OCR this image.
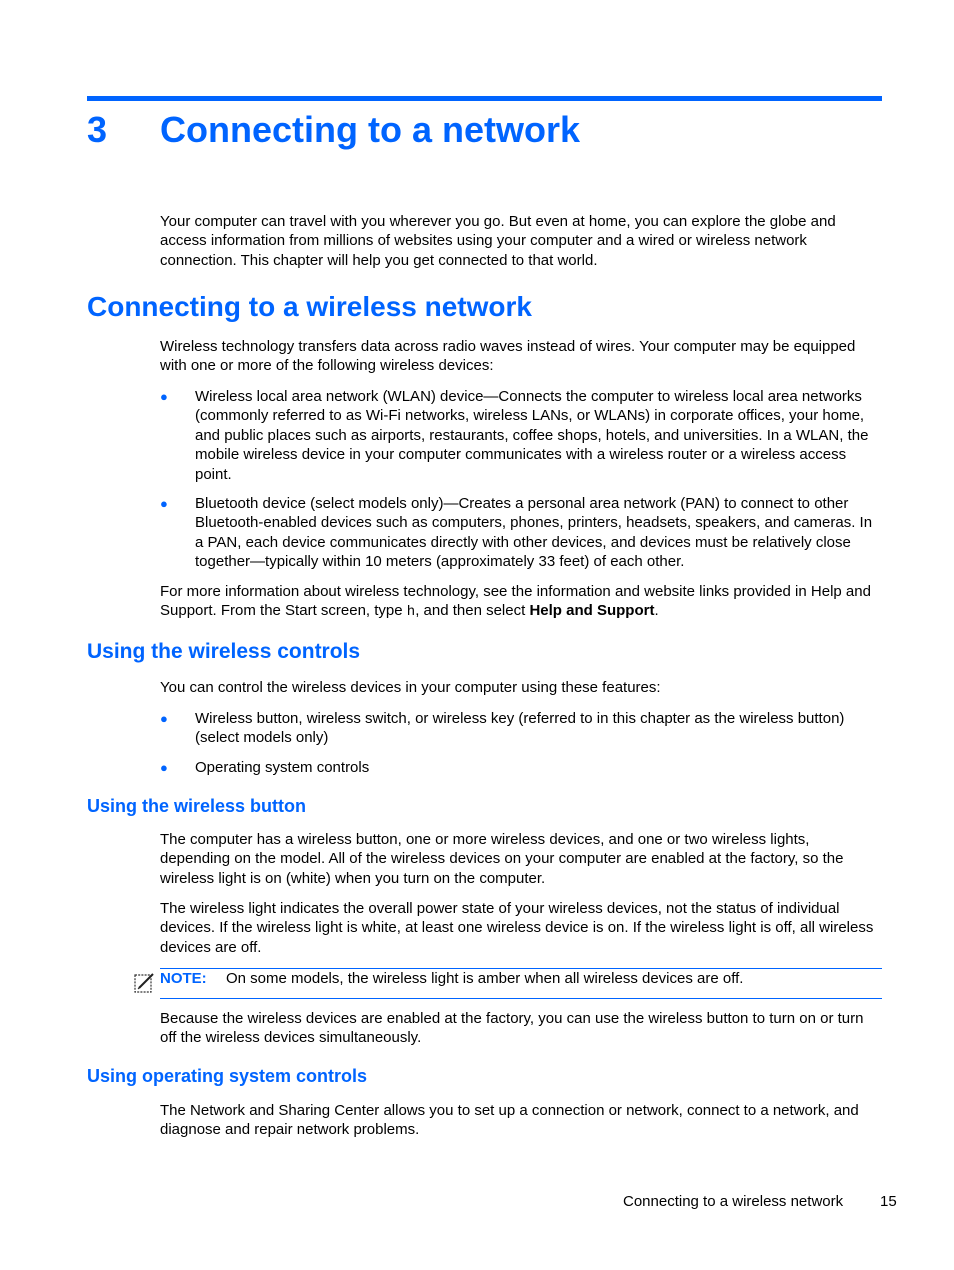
3 Connecting to a network

Your computer can travel with you wherever you go. But even at home, you can explore the globe and access information from millions of websites using your computer and a wired or wireless network connection. This chapter will help you get connected to that world.

Connecting to a wireless network

Wireless technology transfers data across radio waves instead of wires. Your computer may be equipped with one or more of the following wireless devices:

● Wireless local area network (WLAN) device—Connects the computer to wireless local area networks (commonly referred to as Wi-Fi networks, wireless LANs, or WLANs) in corporate offices, your home, and public places such as airports, restaurants, coffee shops, hotels, and universities. In a WLAN, the mobile wireless device in your computer communicates with a wireless router or a wireless access point.
● Bluetooth device (select models only)—Creates a personal area network (PAN) to connect to other Bluetooth-enabled devices such as computers, phones, printers, headsets, speakers, and cameras. In a PAN, each device communicates directly with other devices, and devices must be relatively close together—typically within 10 meters (approximately 33 feet) of each other.

For more information about wireless technology, see the information and website links provided in Help and Support. From the Start screen, type h, and then select Help and Support.

Using the wireless controls

You can control the wireless devices in your computer using these features:

● Wireless button, wireless switch, or wireless key (referred to in this chapter as the wireless button) (select models only)
● Operating system controls
Using the wireless button

The computer has a wireless button, one or more wireless devices, and one or two wireless lights, depending on the model. All of the wireless devices on your computer are enabled at the factory, so the wireless light is on (white) when you turn on the computer.

The wireless light indicates the overall power state of your wireless devices, not the status of individual devices. If the wireless light is white, at least one wireless device is on. If the wireless light is off, all wireless devices are off.

NOTE: On some models, the wireless light is amber when all wireless devices are off.

Because the wireless devices are enabled at the factory, you can use the wireless button to turn on or turn off the wireless devices simultaneously.

Using operating system controls

The Network and Sharing Center allows you to set up a connection or network, connect to a network, and diagnose and repair network problems.

Connecting to a wireless network 15
